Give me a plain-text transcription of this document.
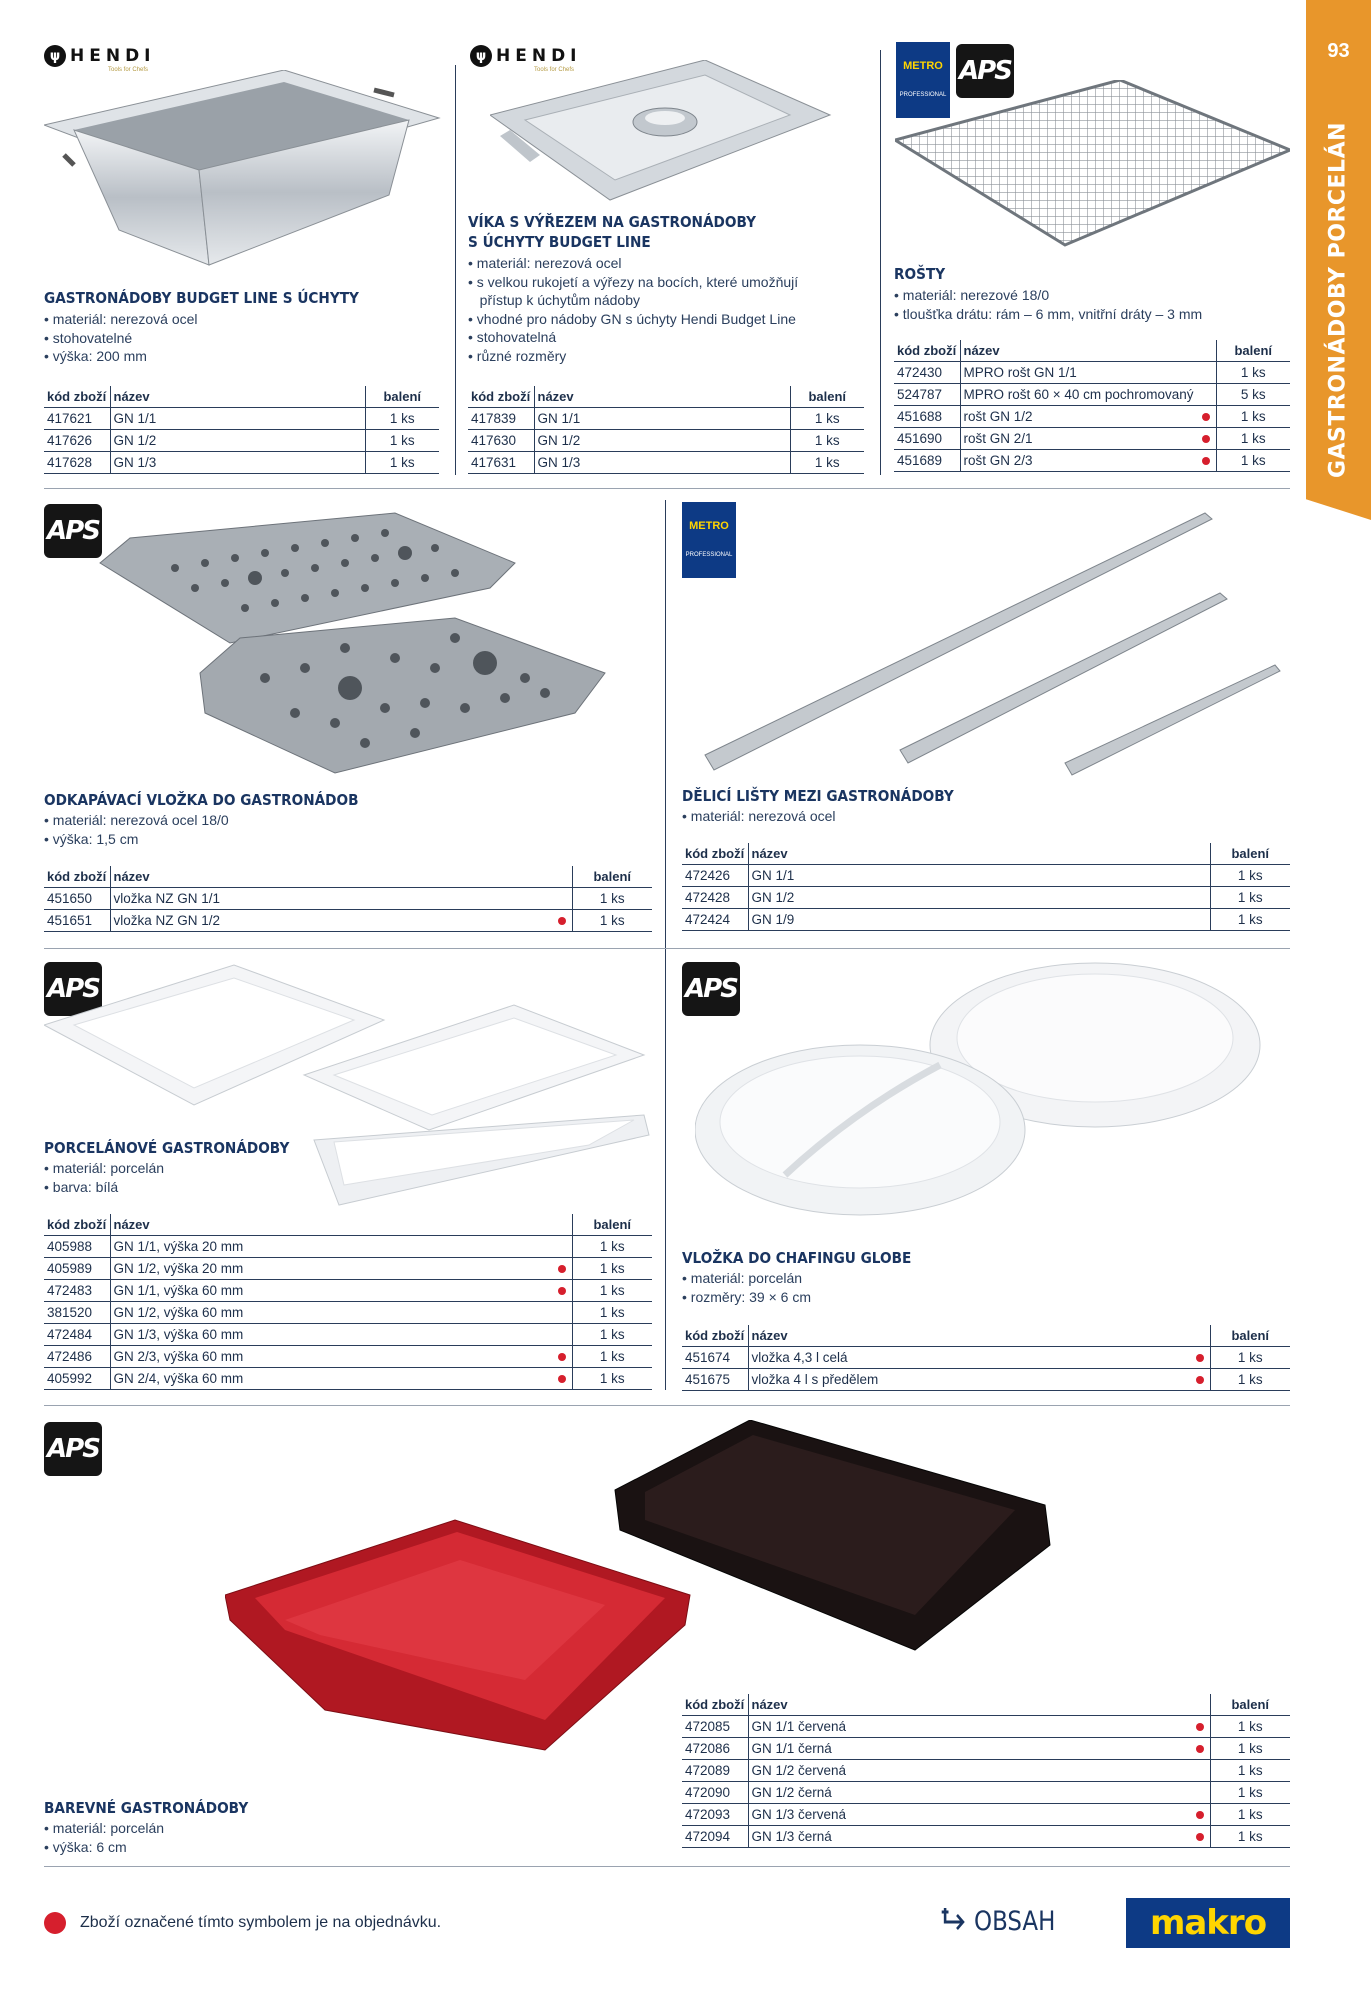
93
GASTRONÁDOBY PORCELÁN
ψ HENDI
Tools for Chefs
GASTRONÁDOBY BUDGET LINE S ÚCHYTY
• materiál: nerezová ocel
• stohovatelné
• výška: 200 mm
kód zboží	název	balení
417621	GN 1/1	1 ks
417626	GN 1/2	1 ks
417628	GN 1/3	1 ks
ψ HENDI
Tools for Chefs
VÍKA S VÝŘEZEM NA GASTRONÁDOBY
S ÚCHYTY BUDGET LINE
• materiál: nerezová ocel
• s velkou rukojetí a výřezy na bocích, které umožňují
přístup k úchytům nádoby
• vhodné pro nádoby GN s úchyty Hendi Budget Line
• stohovatelná
• různé rozměry
kód zboží	název	balení
417839	GN 1/1	1 ks
417630	GN 1/2	1 ks
417631	GN 1/3	1 ks
METRO
PROFESSIONAL
APS
ROŠTY
• materiál: nerezové 18/0
• tloušťka drátu: rám – 6 mm, vnitřní dráty – 3 mm
kód zboží	název	balení
472430	MPRO rošt GN 1/1	1 ks
524787	MPRO rošt 60 × 40 cm pochromovaný	5 ks
451688	rošt GN 1/2	1 ks
451690	rošt GN 2/1	1 ks
451689	rošt GN 2/3	1 ks
APS
ODKAPÁVACÍ VLOŽKA DO GASTRONÁDOB
• materiál: nerezová ocel 18/0
• výška: 1,5 cm
kód zboží	název	balení
451650	vložka NZ GN 1/1	1 ks
451651	vložka NZ GN 1/2	1 ks
METRO
PROFESSIONAL
DĚLICÍ LIŠTY MEZI GASTRONÁDOBY
• materiál: nerezová ocel
kód zboží	název	balení
472426	GN 1/1	1 ks
472428	GN 1/2	1 ks
472424	GN 1/9	1 ks
APS
PORCELÁNOVÉ GASTRONÁDOBY
• materiál: porcelán
• barva: bílá
kód zboží	název	balení
405988	GN 1/1, výška 20 mm	1 ks
405989	GN 1/2, výška 20 mm	1 ks
472483	GN 1/1, výška 60 mm	1 ks
381520	GN 1/2, výška 60 mm	1 ks
472484	GN 1/3, výška 60 mm	1 ks
472486	GN 2/3, výška 60 mm	1 ks
405992	GN 2/4, výška 60 mm	1 ks
APS
VLOŽKA DO CHAFINGU GLOBE
• materiál: porcelán
• rozměry: 39 × 6 cm
kód zboží	název	balení
451674	vložka 4,3 l celá	1 ks
451675	vložka 4 l s předělem	1 ks
APS
BAREVNÉ GASTRONÁDOBY
• materiál: porcelán
• výška: 6 cm
kód zboží	název	balení
472085	GN 1/1 červená	1 ks
472086	GN 1/1 černá	1 ks
472089	GN 1/2 červená	1 ks
472090	GN 1/2 černá	1 ks
472093	GN 1/3 červená	1 ks
472094	GN 1/3 černá	1 ks
Zboží označené tímto symbolem je na objednávku.	OBSAH	makro
